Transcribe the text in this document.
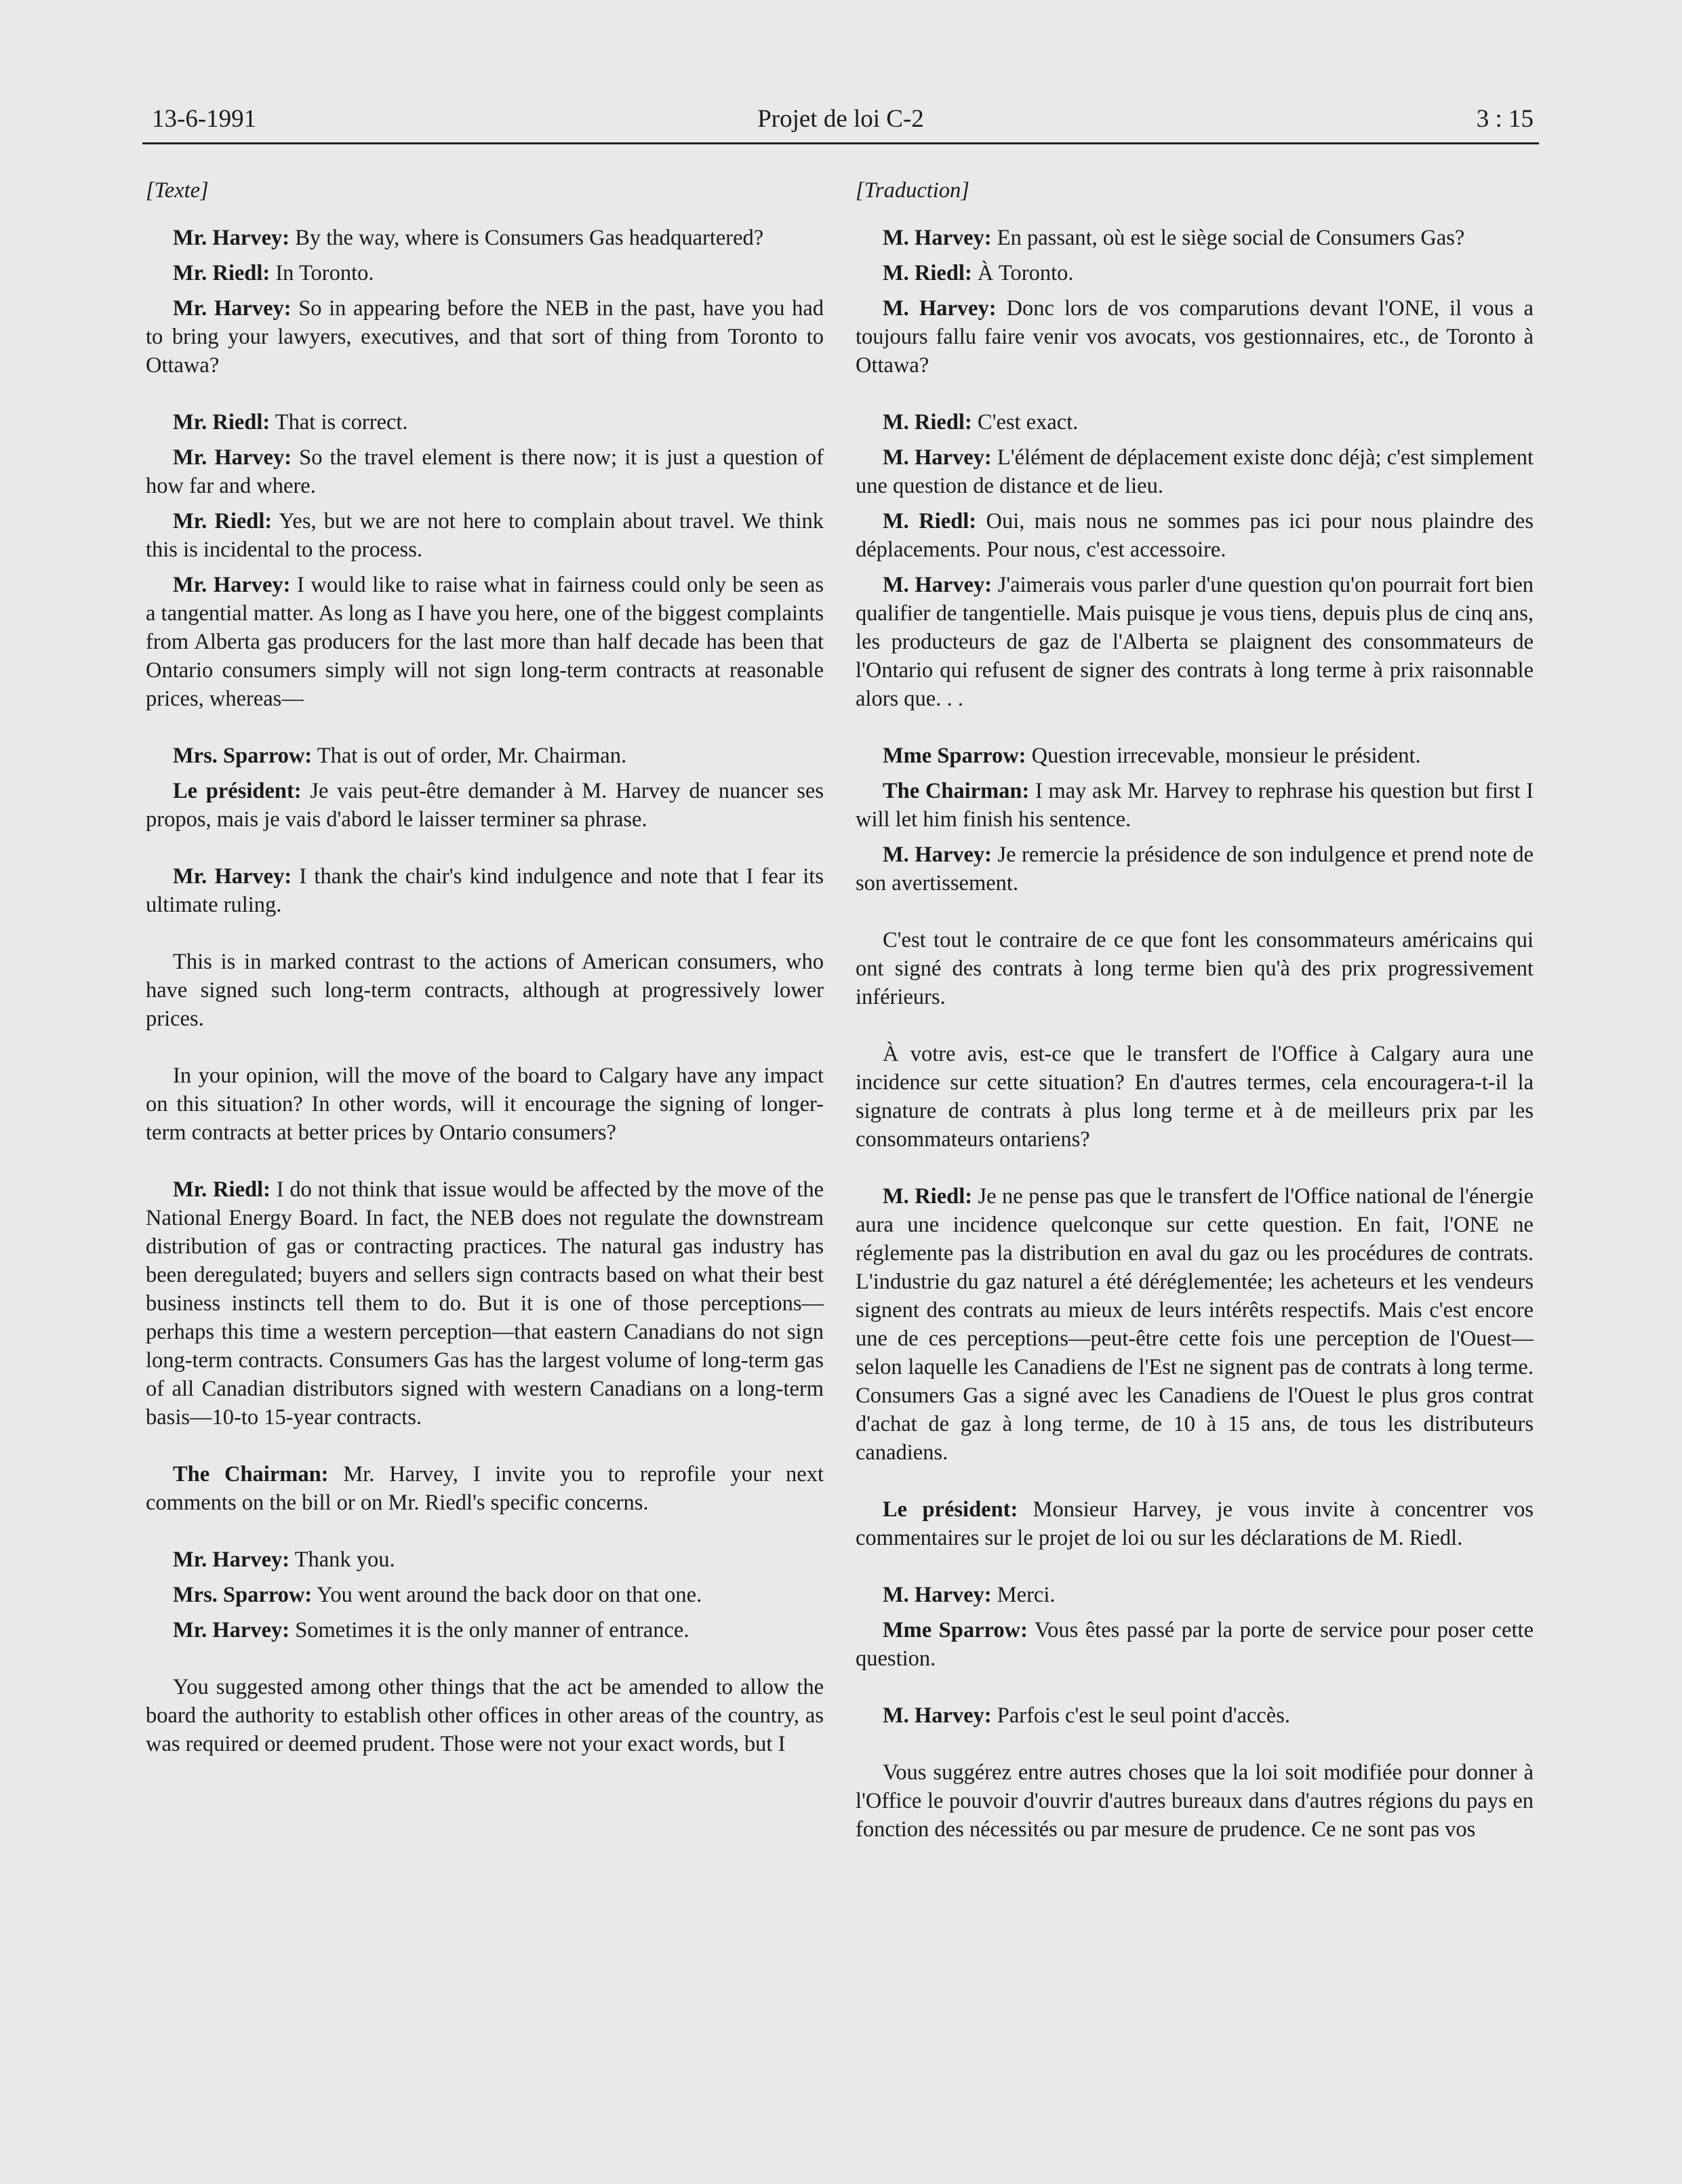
13-6-1991	Projet de loi C-2	3 : 15
[Texte]

Mr. Harvey: By the way, where is Consumers Gas headquartered?

Mr. Riedl: In Toronto.

Mr. Harvey: So in appearing before the NEB in the past, have you had to bring your lawyers, executives, and that sort of thing from Toronto to Ottawa?

Mr. Riedl: That is correct.

Mr. Harvey: So the travel element is there now; it is just a question of how far and where.

Mr. Riedl: Yes, but we are not here to complain about travel. We think this is incidental to the process.

Mr. Harvey: I would like to raise what in fairness could only be seen as a tangential matter. As long as I have you here, one of the biggest complaints from Alberta gas producers for the last more than half decade has been that Ontario consumers simply will not sign long-term contracts at reasonable prices, whereas—

Mrs. Sparrow: That is out of order, Mr. Chairman.

Le président: Je vais peut-être demander à M. Harvey de nuancer ses propos, mais je vais d'abord le laisser terminer sa phrase.

Mr. Harvey: I thank the chair's kind indulgence and note that I fear its ultimate ruling.

This is in marked contrast to the actions of American consumers, who have signed such long-term contracts, although at progressively lower prices.

In your opinion, will the move of the board to Calgary have any impact on this situation? In other words, will it encourage the signing of longer-term contracts at better prices by Ontario consumers?

Mr. Riedl: I do not think that issue would be affected by the move of the National Energy Board. In fact, the NEB does not regulate the downstream distribution of gas or contracting practices. The natural gas industry has been deregulated; buyers and sellers sign contracts based on what their best business instincts tell them to do. But it is one of those perceptions—perhaps this time a western perception—that eastern Canadians do not sign long-term contracts. Consumers Gas has the largest volume of long-term gas of all Canadian distributors signed with western Canadians on a long-term basis—10-to 15-year contracts.

The Chairman: Mr. Harvey, I invite you to reprofile your next comments on the bill or on Mr. Riedl's specific concerns.

Mr. Harvey: Thank you.

Mrs. Sparrow: You went around the back door on that one.

Mr. Harvey: Sometimes it is the only manner of entrance.

You suggested among other things that the act be amended to allow the board the authority to establish other offices in other areas of the country, as was required or deemed prudent. Those were not your exact words, but I

[Traduction]

M. Harvey: En passant, où est le siège social de Consumers Gas?

M. Riedl: À Toronto.

M. Harvey: Donc lors de vos comparutions devant l'ONE, il vous a toujours fallu faire venir vos avocats, vos gestionnaires, etc., de Toronto à Ottawa?

M. Riedl: C'est exact.

M. Harvey: L'élément de déplacement existe donc déjà; c'est simplement une question de distance et de lieu.

M. Riedl: Oui, mais nous ne sommes pas ici pour nous plaindre des déplacements. Pour nous, c'est accessoire.

M. Harvey: J'aimerais vous parler d'une question qu'on pourrait fort bien qualifier de tangentielle. Mais puisque je vous tiens, depuis plus de cinq ans, les producteurs de gaz de l'Alberta se plaignent des consommateurs de l'Ontario qui refusent de signer des contrats à long terme à prix raisonnable alors que. . .

Mme Sparrow: Question irrecevable, monsieur le président.

The Chairman: I may ask Mr. Harvey to rephrase his question but first I will let him finish his sentence.

M. Harvey: Je remercie la présidence de son indulgence et prend note de son avertissement.

C'est tout le contraire de ce que font les consommateurs américains qui ont signé des contrats à long terme bien qu'à des prix progressivement inférieurs.

À votre avis, est-ce que le transfert de l'Office à Calgary aura une incidence sur cette situation? En d'autres termes, cela encouragera-t-il la signature de contrats à plus long terme et à de meilleurs prix par les consommateurs ontariens?

M. Riedl: Je ne pense pas que le transfert de l'Office national de l'énergie aura une incidence quelconque sur cette question. En fait, l'ONE ne réglemente pas la distribution en aval du gaz ou les procédures de contrats. L'industrie du gaz naturel a été déréglementée; les acheteurs et les vendeurs signent des contrats au mieux de leurs intérêts respectifs. Mais c'est encore une de ces perceptions—peut-être cette fois une perception de l'Ouest—selon laquelle les Canadiens de l'Est ne signent pas de contrats à long terme. Consumers Gas a signé avec les Canadiens de l'Ouest le plus gros contrat d'achat de gaz à long terme, de 10 à 15 ans, de tous les distributeurs canadiens.

Le président: Monsieur Harvey, je vous invite à concentrer vos commentaires sur le projet de loi ou sur les déclarations de M. Riedl.

M. Harvey: Merci.

Mme Sparrow: Vous êtes passé par la porte de service pour poser cette question.

M. Harvey: Parfois c'est le seul point d'accès.

Vous suggérez entre autres choses que la loi soit modifiée pour donner à l'Office le pouvoir d'ouvrir d'autres bureaux dans d'autres régions du pays en fonction des nécessités ou par mesure de prudence. Ce ne sont pas vos
